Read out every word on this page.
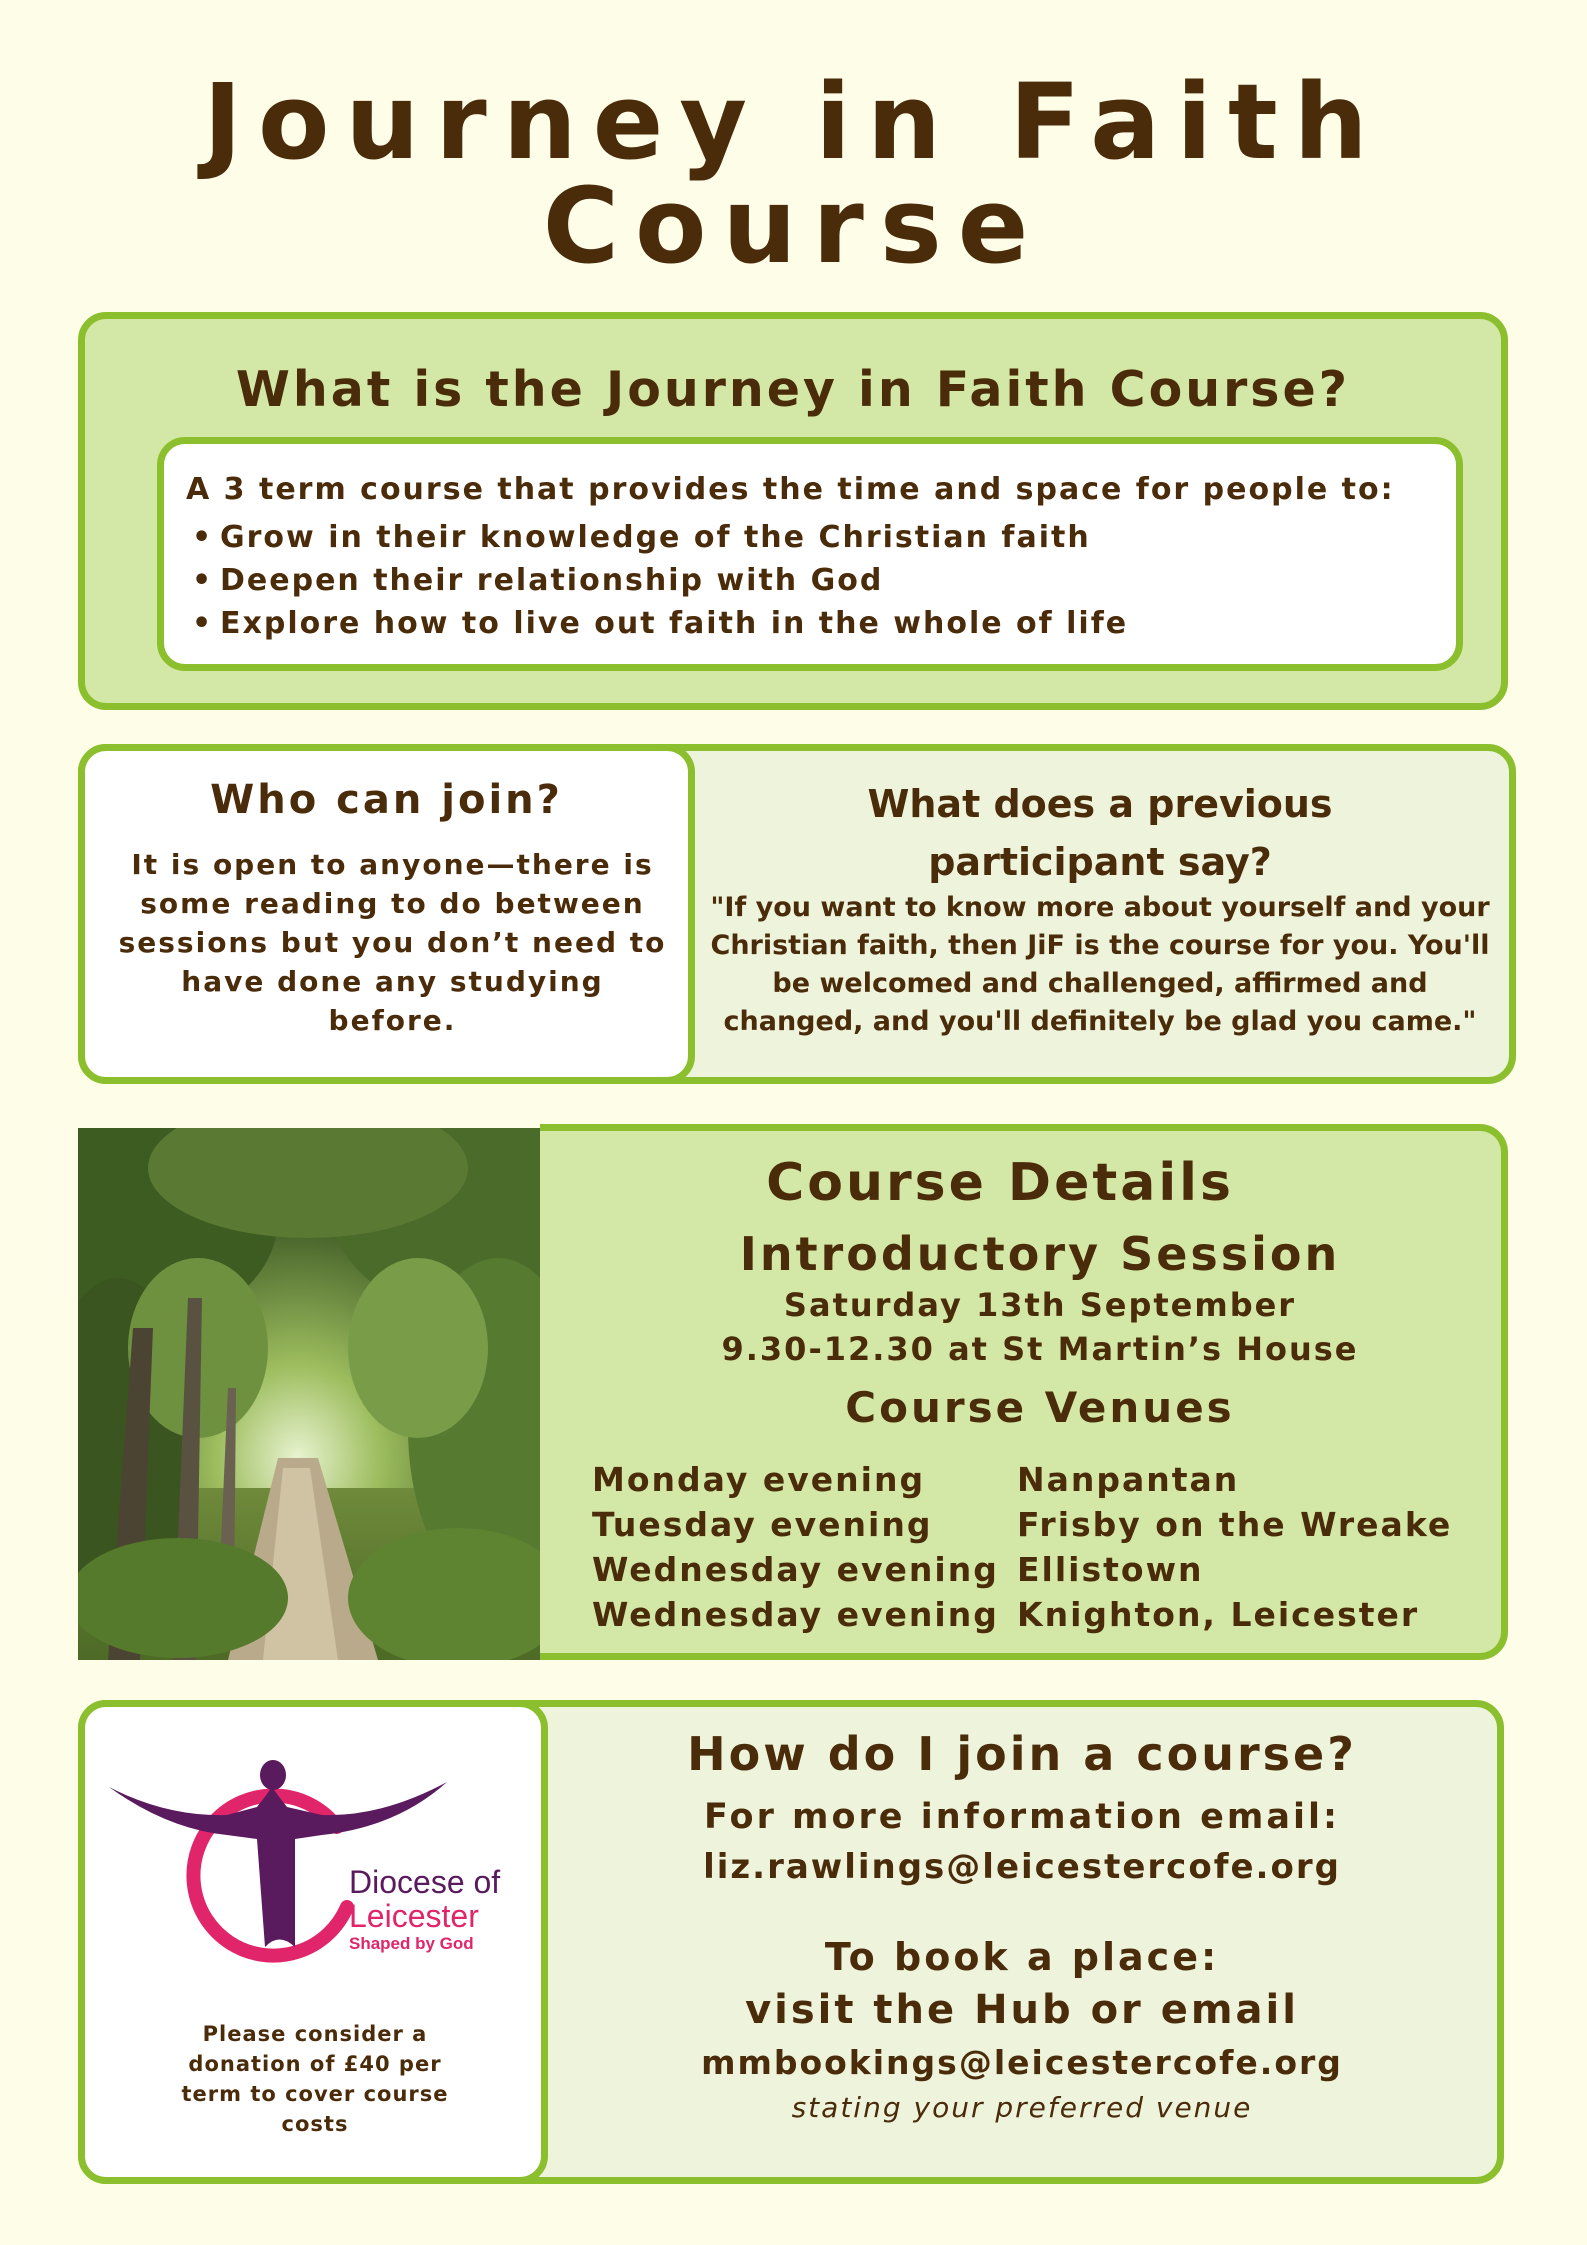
Journey in Faith
Course
What is the Journey in Faith Course?
A 3 term course that provides the time and space for people to:
• Grow in their knowledge of the Christian faith
• Deepen their relationship with God
• Explore how to live out faith in the whole of life
Who can join?

It is open to anyone—there is some reading to do between sessions but you don’t need to have done any studying before.

What does a previous
participant say?
"If you want to know more about yourself and your Christian faith, then JiF is the course for you. You'll be welcomed and challenged, affirmed and changed, and you'll definitely be glad you came."
Course Details
Introductory Session
Saturday 13th September
9.30-12.30 at St Martin’s House
Course Venues
Monday evening	Nanpantan
Tuesday evening	Frisby on the Wreake
Wednesday evening Ellistown
Wednesday evening Knighton, Leicester
Diocese of
Leicester
Shaped by God
Please consider a donation of £40 per term to cover course costs
How do I join a course?
For more information email:
liz.rawlings@leicestercofe.org
To book a place:
visit the Hub or email
mmbookings@leicestercofe.org
stating your preferred venue
